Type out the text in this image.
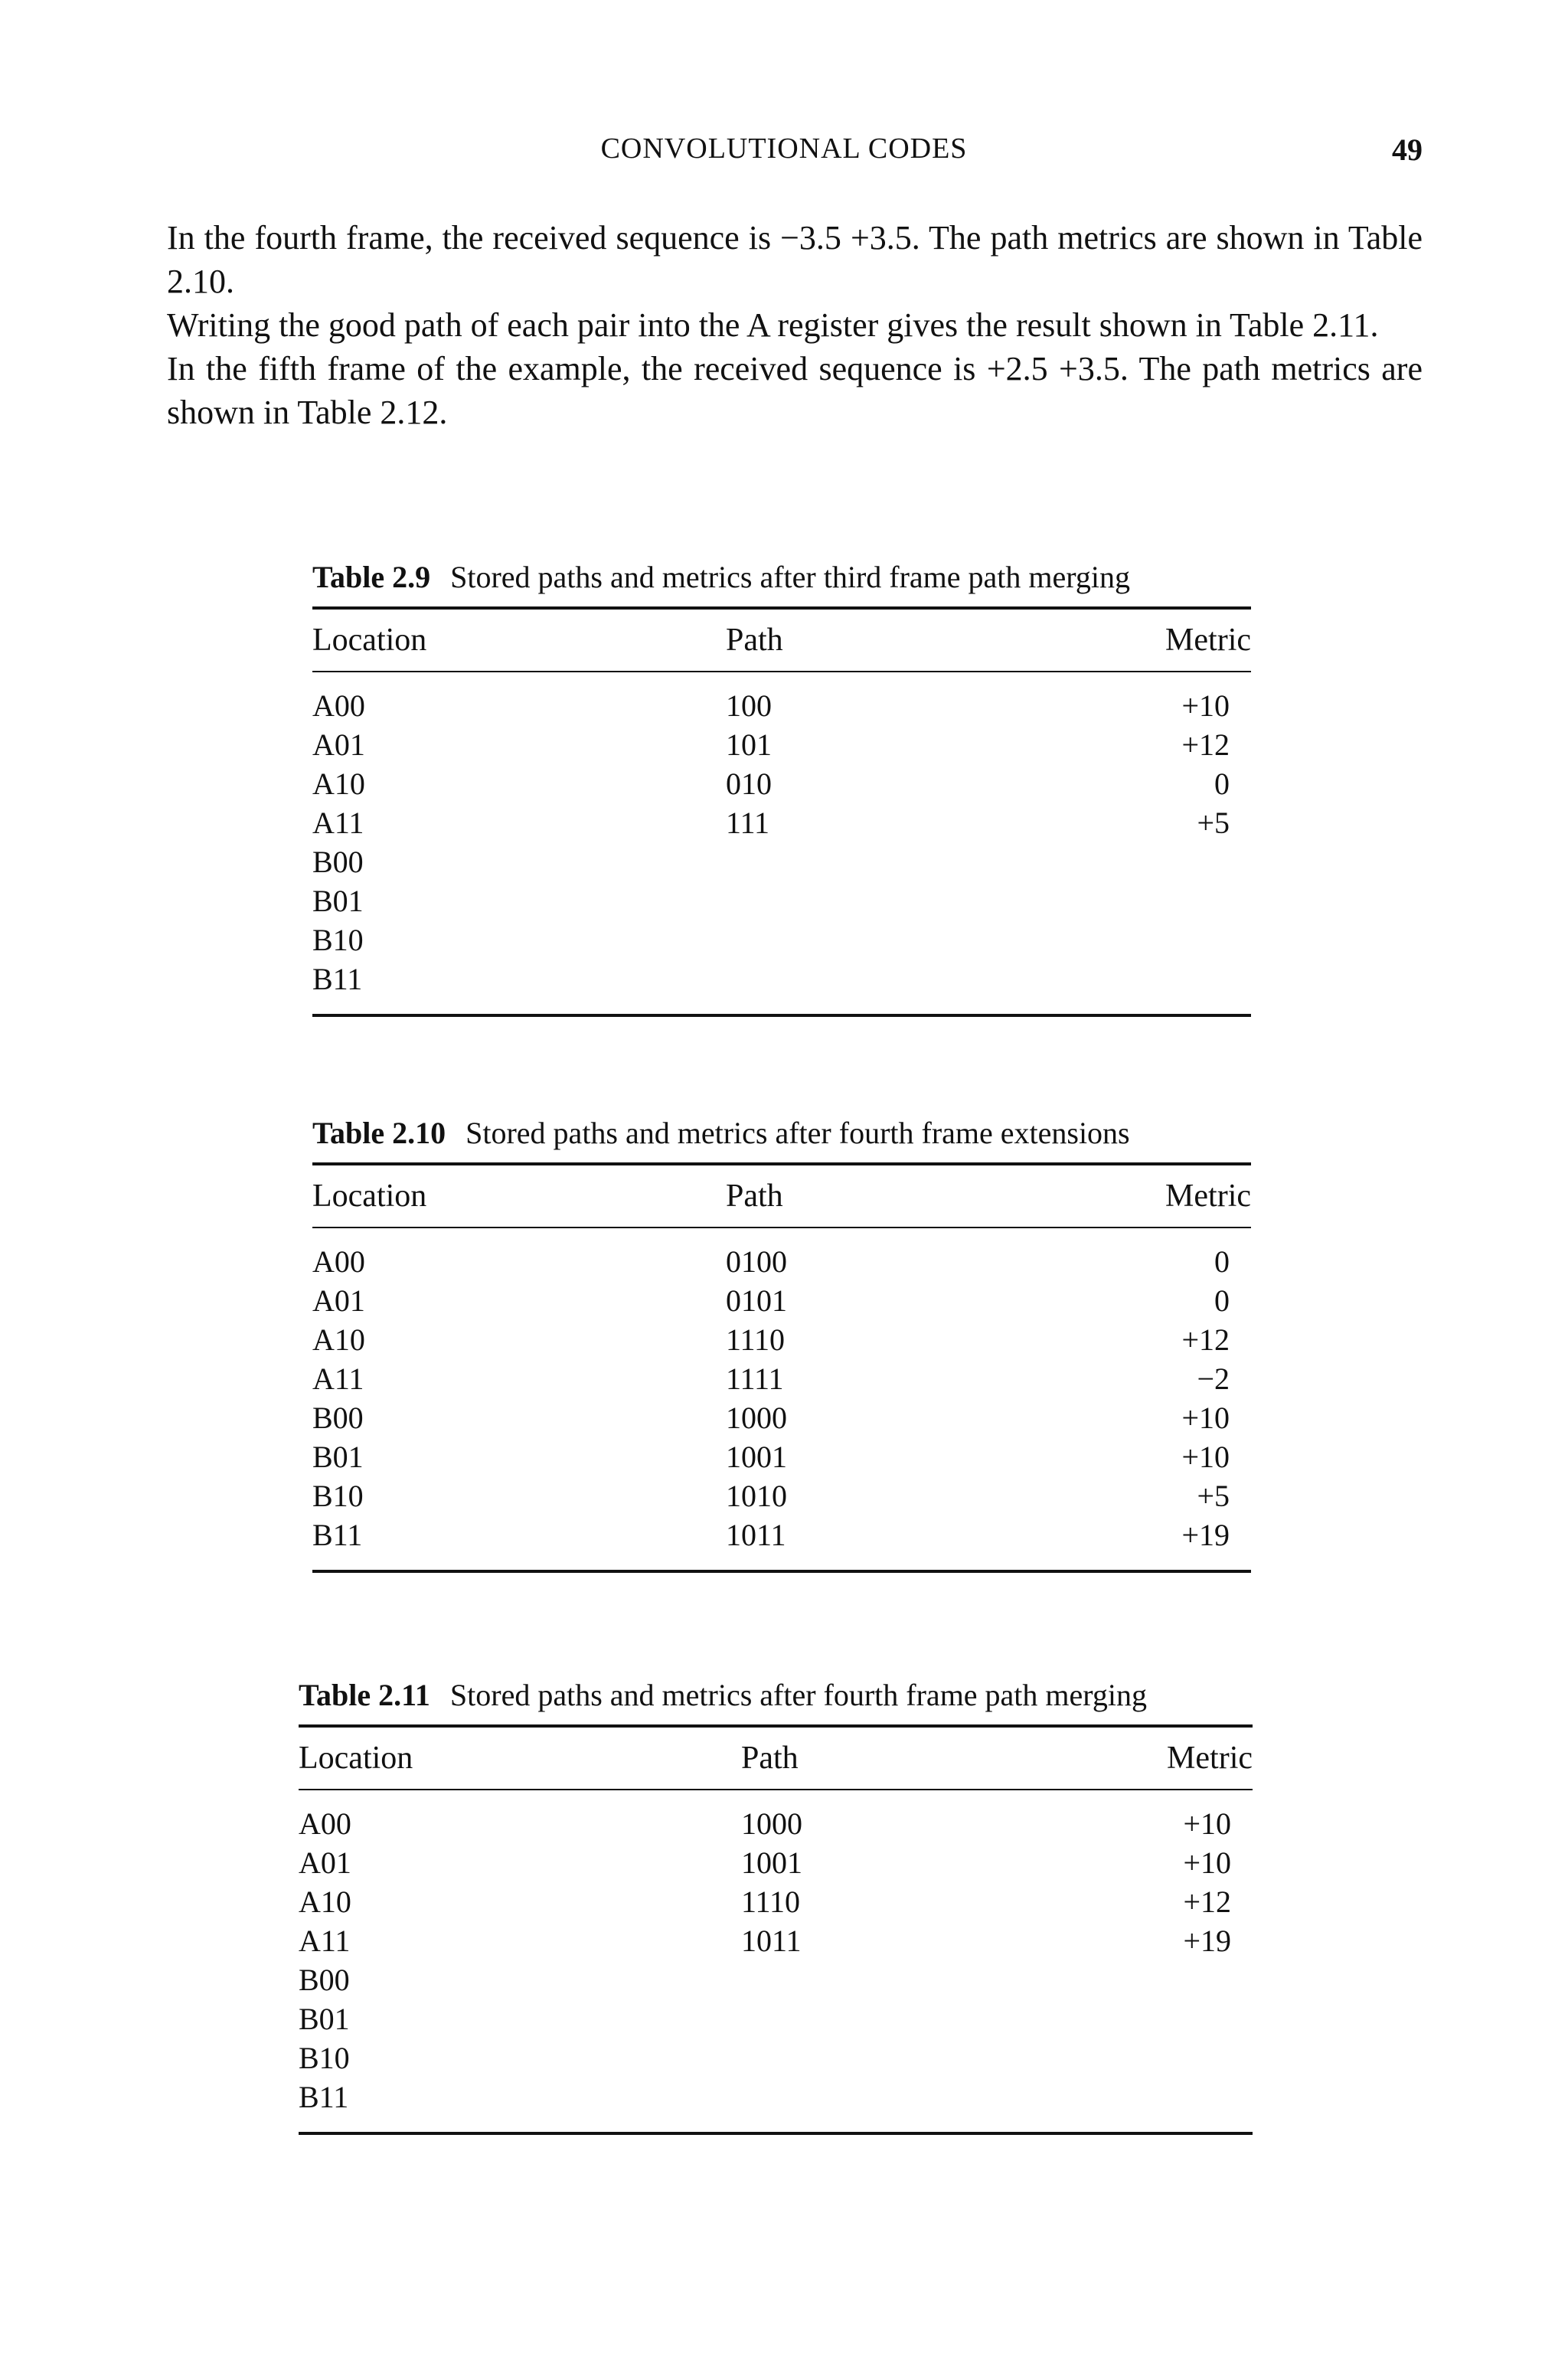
CONVOLUTIONAL CODES	49

In the fourth frame, the received sequence is −3.5 +3.5. The path metrics are shown in Table 2.10.

Writing the good path of each pair into the A register gives the result shown in Table 2.11.

In the fifth frame of the example, the received sequence is +2.5 +3.5. The path metrics are shown in Table 2.12.

Table 2.9 Stored paths and metrics after third frame path merging
Location	Path	Metric
A00	100	+10
A01	101	+12
A10	010	0
A11	111	+5
B00
B01
B10
B11
Table 2.10 Stored paths and metrics after fourth frame extensions
Location	Path	Metric
A00	0100	0
A01	0101	0
A10	1110	+12
A11	1111	−2
B00	1000	+10
B01	1001	+10
B10	1010	+5
B11	1011	+19
Table 2.11 Stored paths and metrics after fourth frame path merging
Location	Path	Metric
A00	1000	+10
A01	1001	+10
A10	1110	+12
A11	1011	+19
B00
B01
B10
B11
